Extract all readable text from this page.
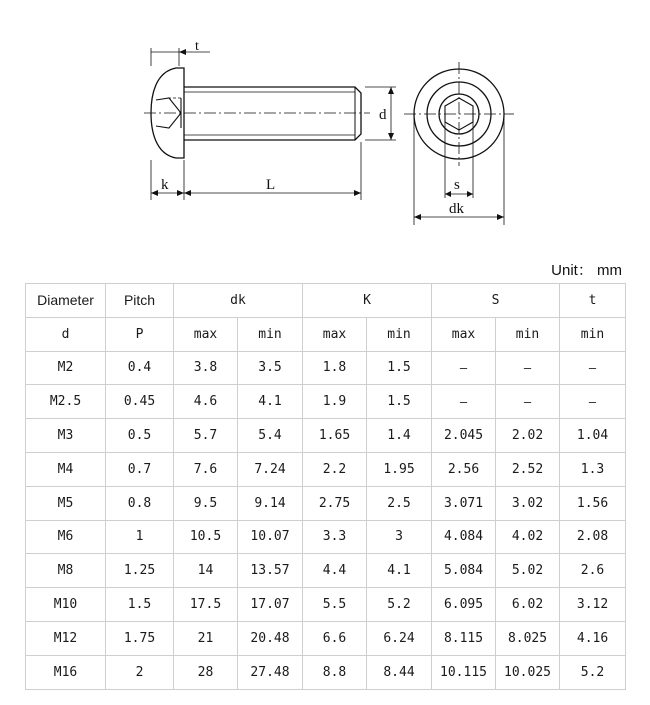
t
d
k	L	s
dk
Unit： mm
Diameter	Pitch	dk		K		S		t
d	P	max	min	max	min	max	min	min
M2	0.4	3.8	3.5	1.8	1.5	–	–	–
M2.5	0.45	4.6	4.1	1.9	1.5	–	–	–
M3	0.5	5.7	5.4	1.65	1.4	2.045	2.02	1.04
M4	0.7	7.6	7.24	2.2	1.95	2.56	2.52	1.3
M5	0.8	9.5	9.14	2.75	2.5	3.071	3.02	1.56
M6	1	10.5	10.07	3.3	3	4.084	4.02	2.08
M8	1.25	14	13.57	4.4	4.1	5.084	5.02	2.6
M10	1.5	17.5	17.07	5.5	5.2	6.095	6.02	3.12
M12	1.75	21	20.48	6.6	6.24	8.115	8.025	4.16
M16	2	28	27.48	8.8	8.44	10.115	10.025	5.2
